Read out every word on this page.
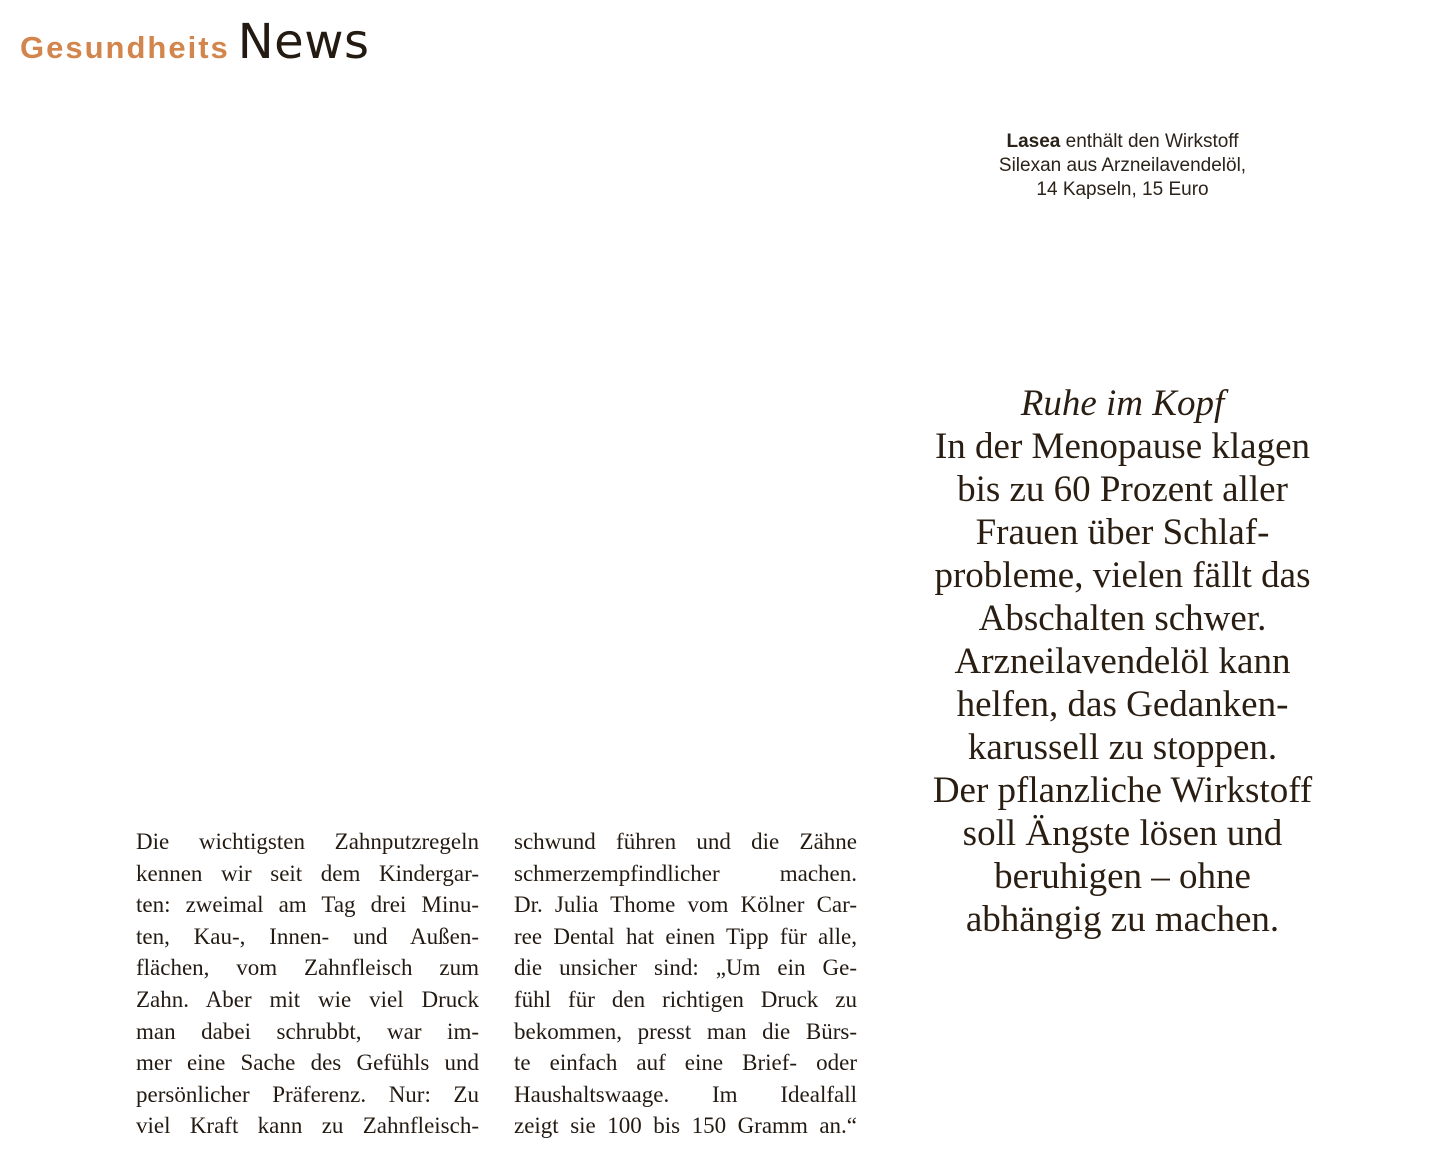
Gesundheits News
Lasea enthält den Wirkstoff
Silexan aus Arzneilavendelöl,
14 Kapseln, 15 Euro
Ruhe im Kopf
In der Menopause klagen
bis zu 60 Prozent aller
Frauen über Schlaf-
probleme, vielen fällt das
Abschalten schwer.
Arzneilavendelöl kann
helfen, das Gedanken-
karussell zu stoppen.
Der pflanzliche Wirkstoff
soll Ängste lösen und
beruhigen – ohne
abhängig zu machen.
Die wichtigsten Zahnputzregeln
kennen wir seit dem Kindergar-
ten: zweimal am Tag drei Minu-
ten, Kau-, Innen- und Außen-
flächen, vom Zahnfleisch zum
Zahn. Aber mit wie viel Druck
man dabei schrubbt, war im-
mer eine Sache des Gefühls und
persönlicher Präferenz. Nur: Zu
viel Kraft kann zu Zahnfleisch-
schwund führen und die Zähne
schmerzempfindlicher machen.
Dr. Julia Thome vom Kölner Car-
ree Dental hat einen Tipp für alle,
die unsicher sind: „Um ein Ge-
fühl für den richtigen Druck zu
bekommen, presst man die Bürs-
te einfach auf eine Brief- oder
Haushaltswaage. Im Idealfall
zeigt sie 100 bis 150 Gramm an.“
